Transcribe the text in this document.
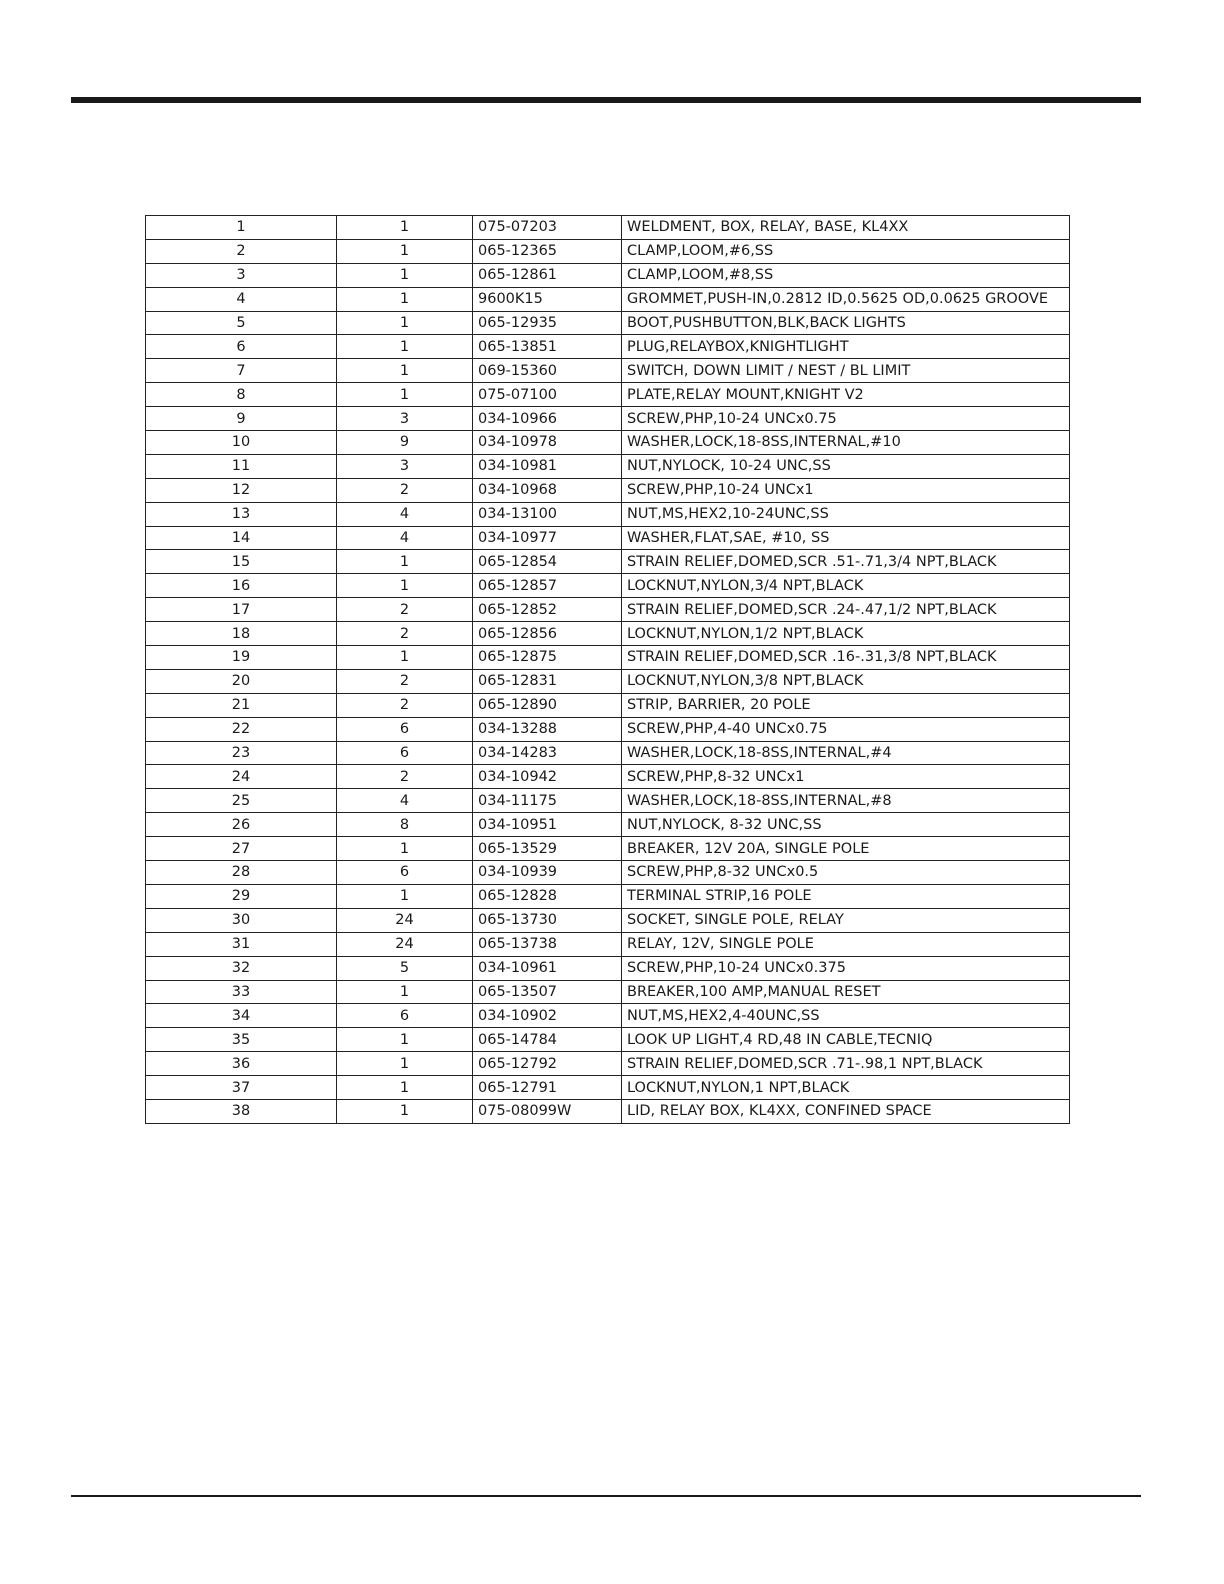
1	1	075-07203	WELDMENT, BOX, RELAY, BASE, KL4XX
2	1	065-12365	CLAMP,LOOM,#6,SS
3	1	065-12861	CLAMP,LOOM,#8,SS
4	1	9600K15	GROMMET,PUSH-IN,0.2812 ID,0.5625 OD,0.0625 GROOVE
5	1	065-12935	BOOT,PUSHBUTTON,BLK,BACK LIGHTS
6	1	065-13851	PLUG,RELAYBOX,KNIGHTLIGHT
7	1	069-15360	SWITCH, DOWN LIMIT / NEST / BL LIMIT
8	1	075-07100	PLATE,RELAY MOUNT,KNIGHT V2
9	3	034-10966	SCREW,PHP,10-24 UNCx0.75
10	9	034-10978	WASHER,LOCK,18-8SS,INTERNAL,#10
11	3	034-10981	NUT,NYLOCK, 10-24 UNC,SS
12	2	034-10968	SCREW,PHP,10-24 UNCx1
13	4	034-13100	NUT,MS,HEX2,10-24UNC,SS
14	4	034-10977	WASHER,FLAT,SAE, #10, SS
15	1	065-12854	STRAIN RELIEF,DOMED,SCR .51-.71,3/4 NPT,BLACK
16	1	065-12857	LOCKNUT,NYLON,3/4 NPT,BLACK
17	2	065-12852	STRAIN RELIEF,DOMED,SCR .24-.47,1/2 NPT,BLACK
18	2	065-12856	LOCKNUT,NYLON,1/2 NPT,BLACK
19	1	065-12875	STRAIN RELIEF,DOMED,SCR .16-.31,3/8 NPT,BLACK
20	2	065-12831	LOCKNUT,NYLON,3/8 NPT,BLACK
21	2	065-12890	STRIP, BARRIER, 20 POLE
22	6	034-13288	SCREW,PHP,4-40 UNCx0.75
23	6	034-14283	WASHER,LOCK,18-8SS,INTERNAL,#4
24	2	034-10942	SCREW,PHP,8-32 UNCx1
25	4	034-11175	WASHER,LOCK,18-8SS,INTERNAL,#8
26	8	034-10951	NUT,NYLOCK, 8-32 UNC,SS
27	1	065-13529	BREAKER, 12V 20A, SINGLE POLE
28	6	034-10939	SCREW,PHP,8-32 UNCx0.5
29	1	065-12828	TERMINAL STRIP,16 POLE
30	24	065-13730	SOCKET, SINGLE POLE, RELAY
31	24	065-13738	RELAY, 12V, SINGLE POLE
32	5	034-10961	SCREW,PHP,10-24 UNCx0.375
33	1	065-13507	BREAKER,100 AMP,MANUAL RESET
34	6	034-10902	NUT,MS,HEX2,4-40UNC,SS
35	1	065-14784	LOOK UP LIGHT,4 RD,48 IN CABLE,TECNIQ
36	1	065-12792	STRAIN RELIEF,DOMED,SCR .71-.98,1 NPT,BLACK
37	1	065-12791	LOCKNUT,NYLON,1 NPT,BLACK
38	1	075-08099W	LID, RELAY BOX, KL4XX, CONFINED SPACE
